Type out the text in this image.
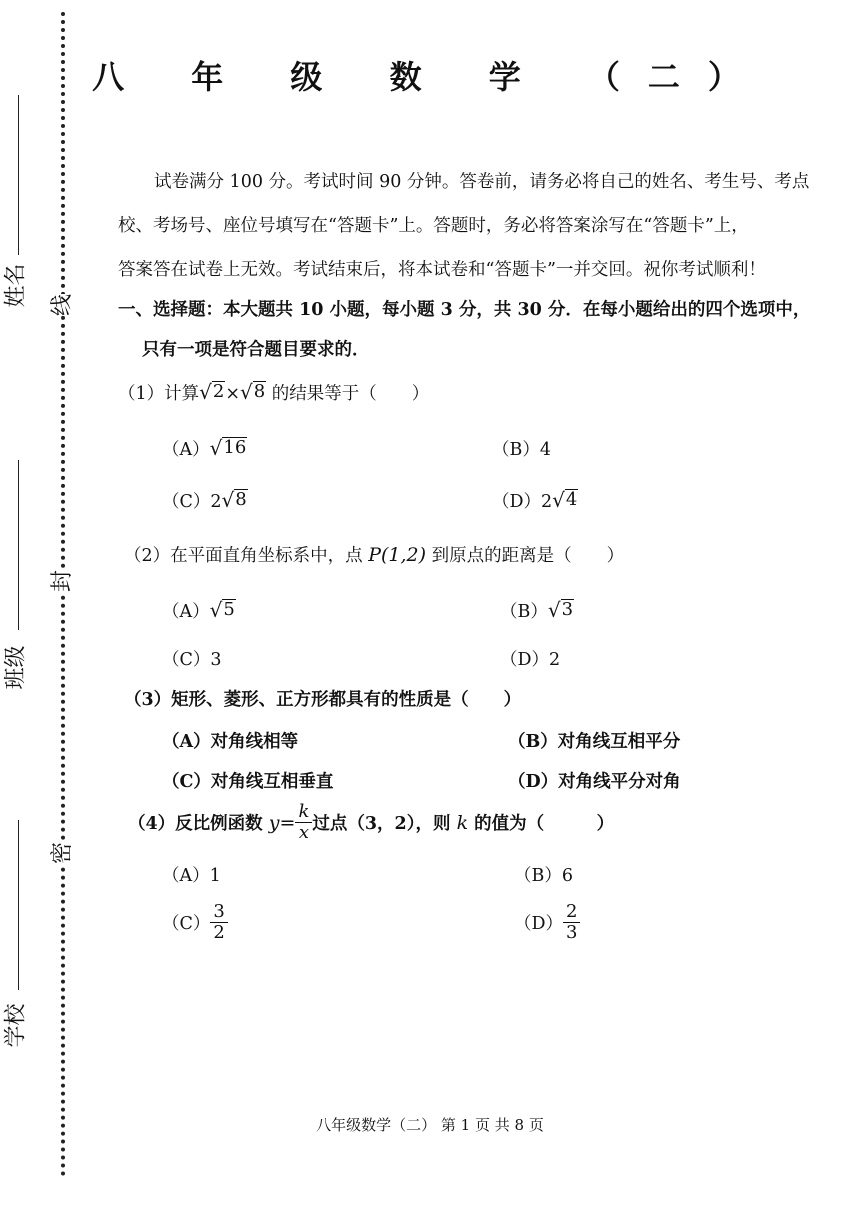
线
封
密
姓名
班级
学校
八 年 级 数 学 （二）

试卷满分 100 分。考试时间 90 分钟。答卷前，请务必将自己的姓名、考生号、考点

校、考场号、座位号填写在“答题卡”上。答题时，务必将答案涂写在“答题卡”上，
答案答在试卷上无效。考试结束后，将本试卷和“答题卡”一并交回。祝你考试顺利！
一、选择题：本大题共 10 小题，每小题 3 分，共 30 分．在每小题给出的四个选项中，
只有一项是符合题目要求的．
（1）计算 √ 2 × √ 8 的结果等于（　　）
（A） √ 16	（B）4
（C）2 √ 8	（D）2 √ 4
（2）在平面直角坐标系中，点 P(1,2) 到原点的距离是（　　）
（A） √ 5	（B） √ 3
（C）3	（D）2
（3）矩形、菱形、正方形都具有的性质是（　　）
（A）对角线相等	（B）对角线互相平分
（C）对角线互相垂直	（D）对角线平分对角
（4）反比例函数
$y = \frac{k}{x}$ 过点（3，2），则
k
的值为（　　　）
（A）1	（B）6
$(C) \frac{3}{2}$	$(D) \frac{2}{3}$
八年级数学（二） 第 1 页 共 8 页
